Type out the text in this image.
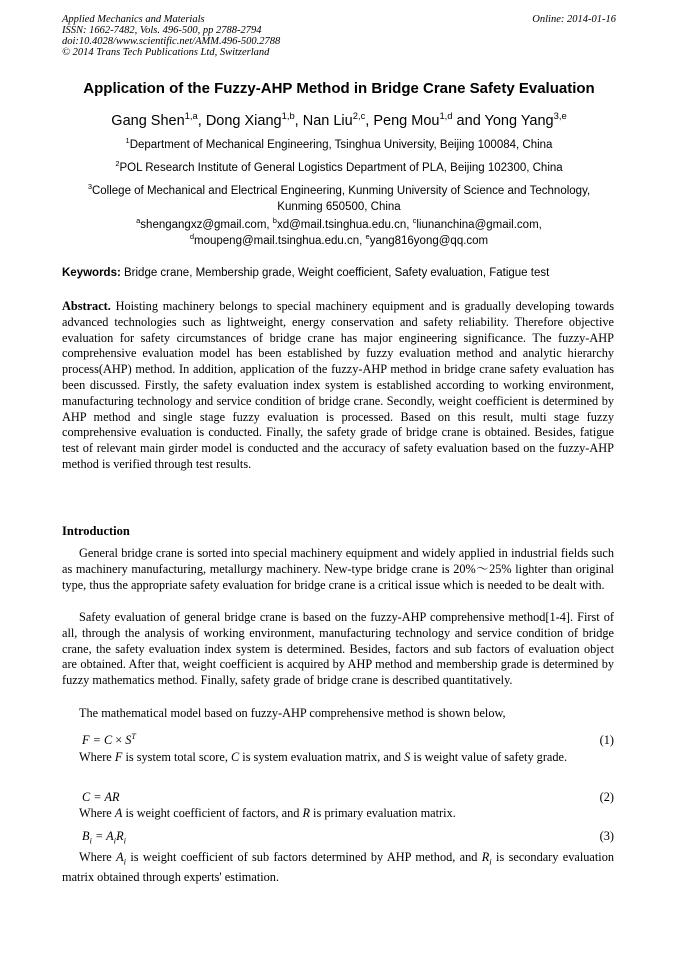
Applied Mechanics and Materials
ISSN: 1662-7482, Vols. 496-500, pp 2788-2794
doi:10.4028/www.scientific.net/AMM.496-500.2788
© 2014 Trans Tech Publications Ltd, Switzerland
Online: 2014-01-16
Application of the Fuzzy-AHP Method in Bridge Crane Safety Evaluation
Gang Shen$^{1,a}$, Dong Xiang$^{1,b}$, Nan Liu$^{2,c}$, Peng Mou$^{1,d}$ and Yong Yang$^{3,e}$
$^1$Department of Mechanical Engineering, Tsinghua University, Beijing 100084, China
$^2$POL Research Institute of General Logistics Department of PLA, Beijing 102300, China
$^3$College of Mechanical and Electrical Engineering, Kunming University of Science and Technology,
Kunming 650500, China
$^a$shengangxz@gmail.com, $^b$xd@mail.tsinghua.edu.cn, $^c$liunanchina@gmail.com,
$^d$moupeng@mail.tsinghua.edu.cn, $^e$yang816yong@qq.com
Keywords: Bridge crane, Membership grade, Weight coefficient, Safety evaluation, Fatigue test
Abstract. Hoisting machinery belongs to special machinery equipment and is gradually developing towards advanced technologies such as lightweight, energy conservation and safety reliability. Therefore objective evaluation for safety circumstances of bridge crane has major engineering significance. The fuzzy-AHP comprehensive evaluation model has been established by fuzzy evaluation method and analytic hierarchy process(AHP) method. In addition, application of the fuzzy-AHP method in bridge crane safety evaluation has been discussed. Firstly, the safety evaluation index system is established according to working environment, manufacturing technology and service condition of bridge crane. Secondly, weight coefficient is determined by AHP method and single stage fuzzy evaluation is processed. Based on this result, multi stage fuzzy comprehensive evaluation is conducted. Finally, the safety grade of bridge crane is obtained. Besides, fatigue test of relevant main girder model is conducted and the accuracy of safety evaluation based on the fuzzy-AHP method is verified through test results.
Introduction
General bridge crane is sorted into special machinery equipment and widely applied in industrial fields such as machinery manufacturing, metallurgy machinery. New-type bridge crane is 20%～25% lighter than original type, thus the appropriate safety evaluation for bridge crane is a critical issue which is needed to be dealt with.
Safety evaluation of general bridge crane is based on the fuzzy-AHP comprehensive method[1-4]. First of all, through the analysis of working environment, manufacturing technology and service condition of bridge crane, the safety evaluation index system is determined. Besides, factors and sub factors of evaluation object are obtained. After that, weight coefficient is acquired by AHP method and membership grade is determined by fuzzy mathematics method. Finally, safety grade of bridge crane is described quantitatively.
The mathematical model based on fuzzy-AHP comprehensive method is shown below,
$F = C \times S^T$	(1)
Where F is system total score, C is system evaluation matrix, and S is weight value of safety grade.
C = AR	(2)
Where A is weight coefficient of factors, and R is primary evaluation matrix.
$B_i = A_iR_i$	(3)
Where $A_i$ is weight coefficient of sub factors determined by AHP method, and $R_i$ is secondary evaluation matrix obtained through experts' estimation.
